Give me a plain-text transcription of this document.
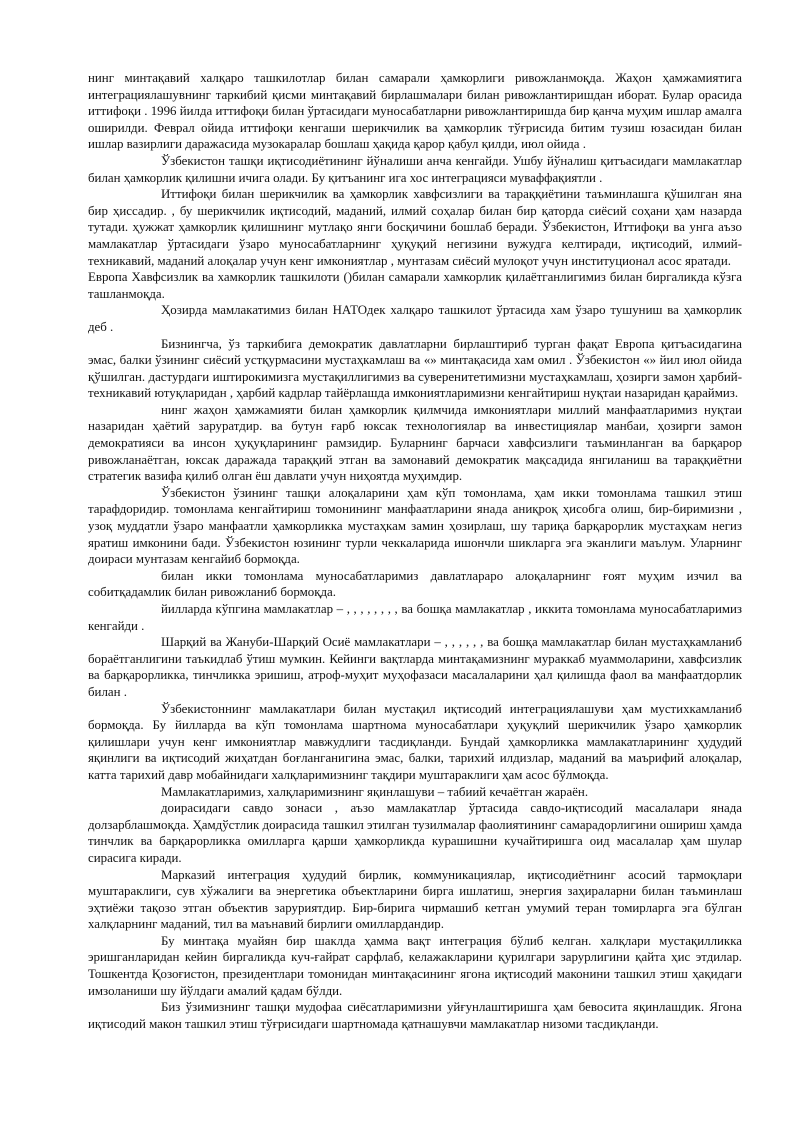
нинг минтақавий халқаро ташкилотлар билан самарали ҳамкорлиги ривожланмоқда. Жаҳон ҳамжамиятига интеграциялашувнинг таркибий қисми минтақавий бирлашмалари билан ривожлантиришдан иборат. Булар орасида иттифоқи . 1996 йилда иттифоқи билан ўртасидаги муносабатларни ривожлантиришда бир қанча муҳим ишлар амалга оширилди. Феврал ойида иттифоқи кенгаши шерикчилик ва ҳамкорлик тўғрисида битим тузиш юзасидан билан ишлар вазирлиги даражасида музокаралар бошлаш ҳақида қарор қабул қилди, июл ойида .

Ўзбекистон ташқи иқтисодиётининг йўналиши анча кенгайди. Ушбу йўналиш қитъасидаги мамлакатлар билан ҳамкорлик қилишни ичига олади. Бу қитъанинг ига хос интеграцияси муваффақиятли .

Иттифоқи билан шерикчилик ва ҳамкорлик хавфсизлиги ва тараққиётини таъминлашга қўшилган яна бир ҳиссадир. , бу шерикчилик иқтисодий, маданий, илмий соҳалар билан бир қаторда сиёсий соҳани ҳам назарда тутади. ҳужжат ҳамкорлик қилишнинг мутлақо янги босқичини бошлаб беради. Ўзбекистон, Иттифоқи ва унга аъзо мамлакатлар ўртасидаги ўзаро муносабатларнинг ҳуқуқий негизини вужудга келтиради, иқтисодий, илмий-техникавий, маданий алоқалар учун кенг имкониятлар , мунтазам сиёсий мулоқот учун институционал асос яратади.

Европа Хавфсизлик ва хамкорлик ташкилоти ()билан самарали хамкорлик қилаётганлигимиз билан биргаликда кўзга ташланмоқда.

Ҳозирда мамлакатимиз билан НАТОдек халқаро ташкилот ўртасида хам ўзаро тушуниш ва ҳамкорлик деб .

Бизнингча, ўз таркибига демократик давлатларни бирлаштириб турган фақат Европа қитъасидагина эмас, балки ўзининг сиёсий устқурмасини мустаҳкамлаш ва «» минтақасида хам омил . Ўзбекистон «» йил июл ойида қўшилган. дастурдаги иштирокимизга мустақиллигимиз ва суверенитетимизни мустаҳкамлаш, ҳозирги замон ҳарбий-техникавий ютуқларидан , ҳарбий кадрлар тайёрлашда имкониятларимизни кенгайтириш нуқтаи назаридан қараймиз.

нинг жаҳон ҳамжамияти билан ҳамкорлик қилмчида имкониятлари миллий манфаатларимиз нуқтаи назаридан ҳаётий заруратдир. ва бутун ғарб юксак технологиялар ва инвестициялар манбаи, ҳозирги замон демократияси ва инсон ҳуқуқларининг рамзидир. Буларнинг барчаси хавфсизлиги таъминланган ва барқарор ривожланаётган, юксак даражада тараққий этган ва замонавий демократик мақсадида янгиланиш ва тараққиётни стратегик вазифа қилиб олган ёш давлати учун ниҳоятда муҳимдир.

Ўзбекистон ўзининг ташқи алоқаларини ҳам кўп томонлама, ҳам икки томонлама ташкил этиш тарафдоридир. томонлама кенгайтириш томонининг манфаатларини янада аниқроқ ҳисобга олиш, бир-биримизни , узоқ муддатли ўзаро манфаатли ҳамкорликка мустаҳкам замин ҳозирлаш, шу тариқа барқарорлик мустаҳкам негиз яратиш имконини бади. Ўзбекистон юзининг турли чеккаларида ишончли шикларга эга эканлиги маълум. Уларнинг доираси мунтазам кенгайиб бормоқда.

билан икки томонлама муносабатларимиз давлатлараро алоқаларнинг ғоят муҳим изчил ва собитқадамлик билан ривожланиб бормоқда.

йилларда кўпгина мамлакатлар – , , , , , , , , ва бошқа мамлакатлар , иккита томонлама муносабатларимиз кенгайди .

Шарқий ва Жануби-Шарқий Осиё мамлакатлари – , , , , , , ва бошқа мамлакатлар билан мустаҳкамланиб бораётганлигини таъкидлаб ўтиш мумкин. Кейинги вақтларда минтақамизнинг мураккаб муаммоларини, хавфсизлик ва барқарорликка, тинчликка эришиш, атроф-муҳит муҳофазаси масалаларини ҳал қилишда фаол ва манфаатдорлик билан .

Ўзбекистоннинг мамлакатлари билан мустақил иқтисодий интеграциялашуви ҳам мустихкамланиб бормоқда. Бу йилларда ва кўп томонлама шартнома муносабатлари ҳуқуқлий шерикчилик ўзаро ҳамкорлик қилишлари учун кенг имкониятлар мавжудлиги тасдиқланди. Бундай ҳамкорликка мамлакатларининг ҳудудий яқинлиги ва иқтисодий жиҳатдан боғланганигина эмас, балки, тарихий илдизлар, маданий ва маърифий алоқалар, катта тарихий давр мобайнидаги халқларимизнинг тақдири муштараклиги ҳам асос бўлмоқда.

Мамлакатларимиз, халқларимизнинг яқинлашуви – табиий кечаётган жараён.

доирасидаги савдо зонаси , аъзо мамлакатлар ўртасида савдо-иқтисодий масалалари янада долзарблашмоқда. Ҳамдўстлик доирасида ташкил этилган тузилмалар фаолиятининг самарадорлигини ошириш ҳамда тинчлик ва барқарорликка омилларга қарши ҳамкорликда курашишни кучайтиришга оид масалалар ҳам шулар сирасига киради.

Марказий интеграция ҳудудий бирлик, коммуникациялар, иқтисодиётнинг асосий тармоқлари муштараклиги, сув хўжалиги ва энергетика объектларини бирга ишлатиш, энергия заҳираларни билан таъминлаш эҳтиёжи тақозо этган объектив заруриятдир. Бир-бирига чирмашиб кетган умумий теран томирларга эга бўлган халқларнинг маданий, тил ва маънавий бирлиги омиллардандир.

Бу минтақа муайян бир шаклда ҳамма вақт интеграция бўлиб келган. халқлари мустақилликка эришганларидан кейин биргаликда куч-ғайрат сарфлаб, келажакларини қурилгари зарурлигини қайта ҳис этдилар. Тошкентда Қозоғистон, президентлари томонидан минтақасининг ягона иқтисодий маконини ташкил этиш ҳақидаги имзоланиши шу йўлдаги амалий қадам бўлди.

Биз ўзимизнинг ташқи мудофаа сиёсатларимизни уйғунлаштиришга ҳам бевосита яқинлашдик. Ягона иқтисодий макон ташкил этиш тўғрисидаги шартномада қатнашувчи мамлакатлар низоми тасдиқланди.
